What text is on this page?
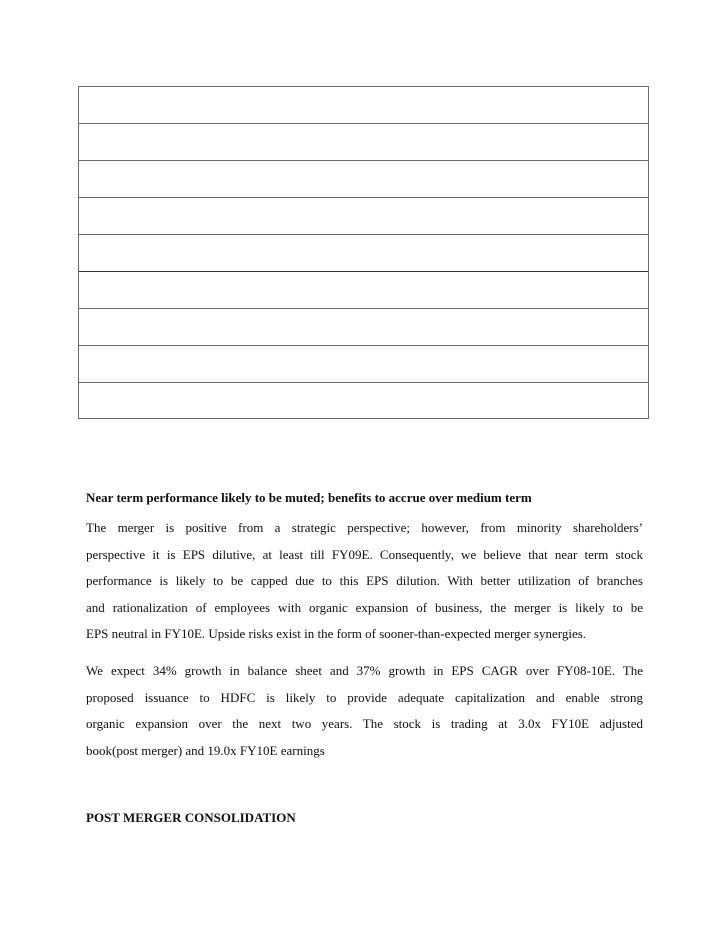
Near term performance likely to be muted; benefits to accrue over medium term

The merger is positive from a strategic perspective; however, from minority shareholders’
perspective it is EPS dilutive, at least till FY09E. Consequently, we believe that near term stock
performance is likely to be capped due to this EPS dilution. With better utilization of branches
and rationalization of employees with organic expansion of business, the merger is likely to be
EPS neutral in FY10E. Upside risks exist in the form of sooner-than-expected merger synergies.

We expect 34% growth in balance sheet and 37% growth in EPS CAGR over FY08-10E. The
proposed issuance to HDFC is likely to provide adequate capitalization and enable strong
organic expansion over the next two years. The stock is trading at 3.0x FY10E adjusted
book(post merger) and 19.0x FY10E earnings

POST MERGER CONSOLIDATION
